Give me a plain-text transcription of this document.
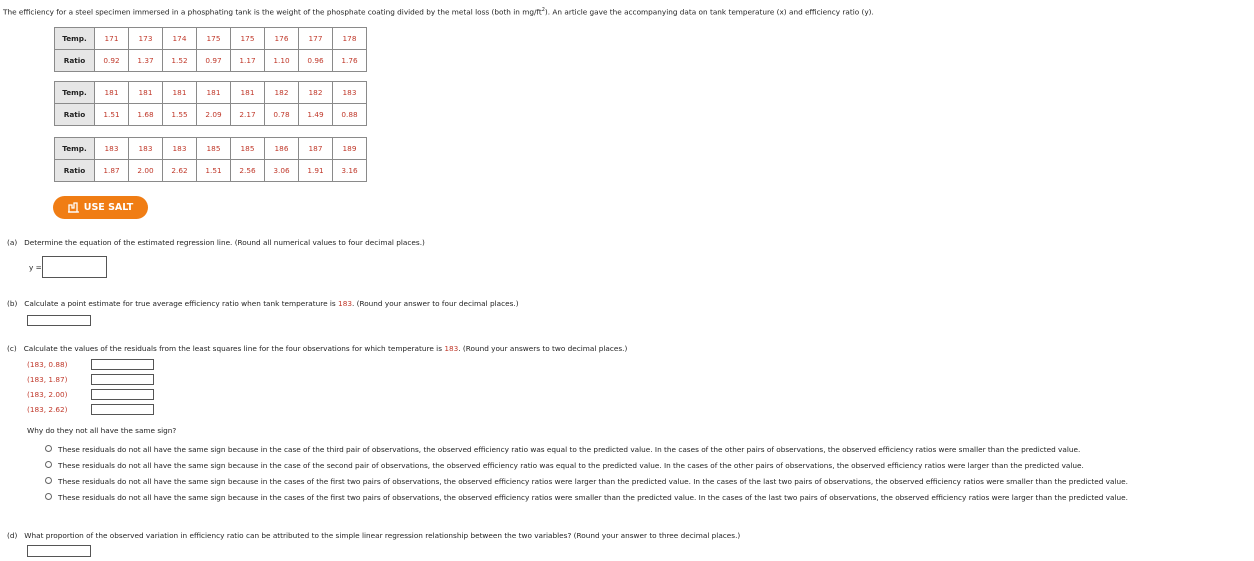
The efficiency for a steel specimen immersed in a phosphating tank is the weight of the phosphate coating divided by the metal loss (both in $mg/ft^2$). An article gave the accompanying data on tank temperature (x) and efficiency ratio (y).
Temp.	171	173	174	175	175	176	177	178
Ratio	0.92	1.37	1.52	0.97	1.17	1.10	0.96	1.76
Temp.	181	181	181	181	181	182	182	183
Ratio	1.51	1.68	1.55	2.09	2.17	0.78	1.49	0.88
Temp.	183	183	183	185	185	186	187	189
Ratio	1.87	2.00	2.62	1.51	2.56	3.06	1.91	3.16
USE SALT
(a) Determine the equation of the estimated regression line. (Round all numerical values to four decimal places.)
y =
(b) Calculate a point estimate for true average efficiency ratio when tank temperature is 183. (Round your answer to four decimal places.)
(c) Calculate the values of the residuals from the least squares line for the four observations for which temperature is 183. (Round your answers to two decimal places.)
(183, 0.88)
(183, 1.87)
(183, 2.00)
(183, 2.62)
Why do they not all have the same sign?
These residuals do not all have the same sign because in the case of the third pair of observations, the observed efficiency ratio was equal to the predicted value. In the cases of the other pairs of observations, the observed efficiency ratios were smaller than the predicted value.
These residuals do not all have the same sign because in the case of the second pair of observations, the observed efficiency ratio was equal to the predicted value. In the cases of the other pairs of observations, the observed efficiency ratios were larger than the predicted value.
These residuals do not all have the same sign because in the cases of the first two pairs of observations, the observed efficiency ratios were larger than the predicted value. In the cases of the last two pairs of observations, the observed efficiency ratios were smaller than the predicted value.
These residuals do not all have the same sign because in the cases of the first two pairs of observations, the observed efficiency ratios were smaller than the predicted value. In the cases of the last two pairs of observations, the observed efficiency ratios were larger than the predicted value.
(d) What proportion of the observed variation in efficiency ratio can be attributed to the simple linear regression relationship between the two variables? (Round your answer to three decimal places.)
